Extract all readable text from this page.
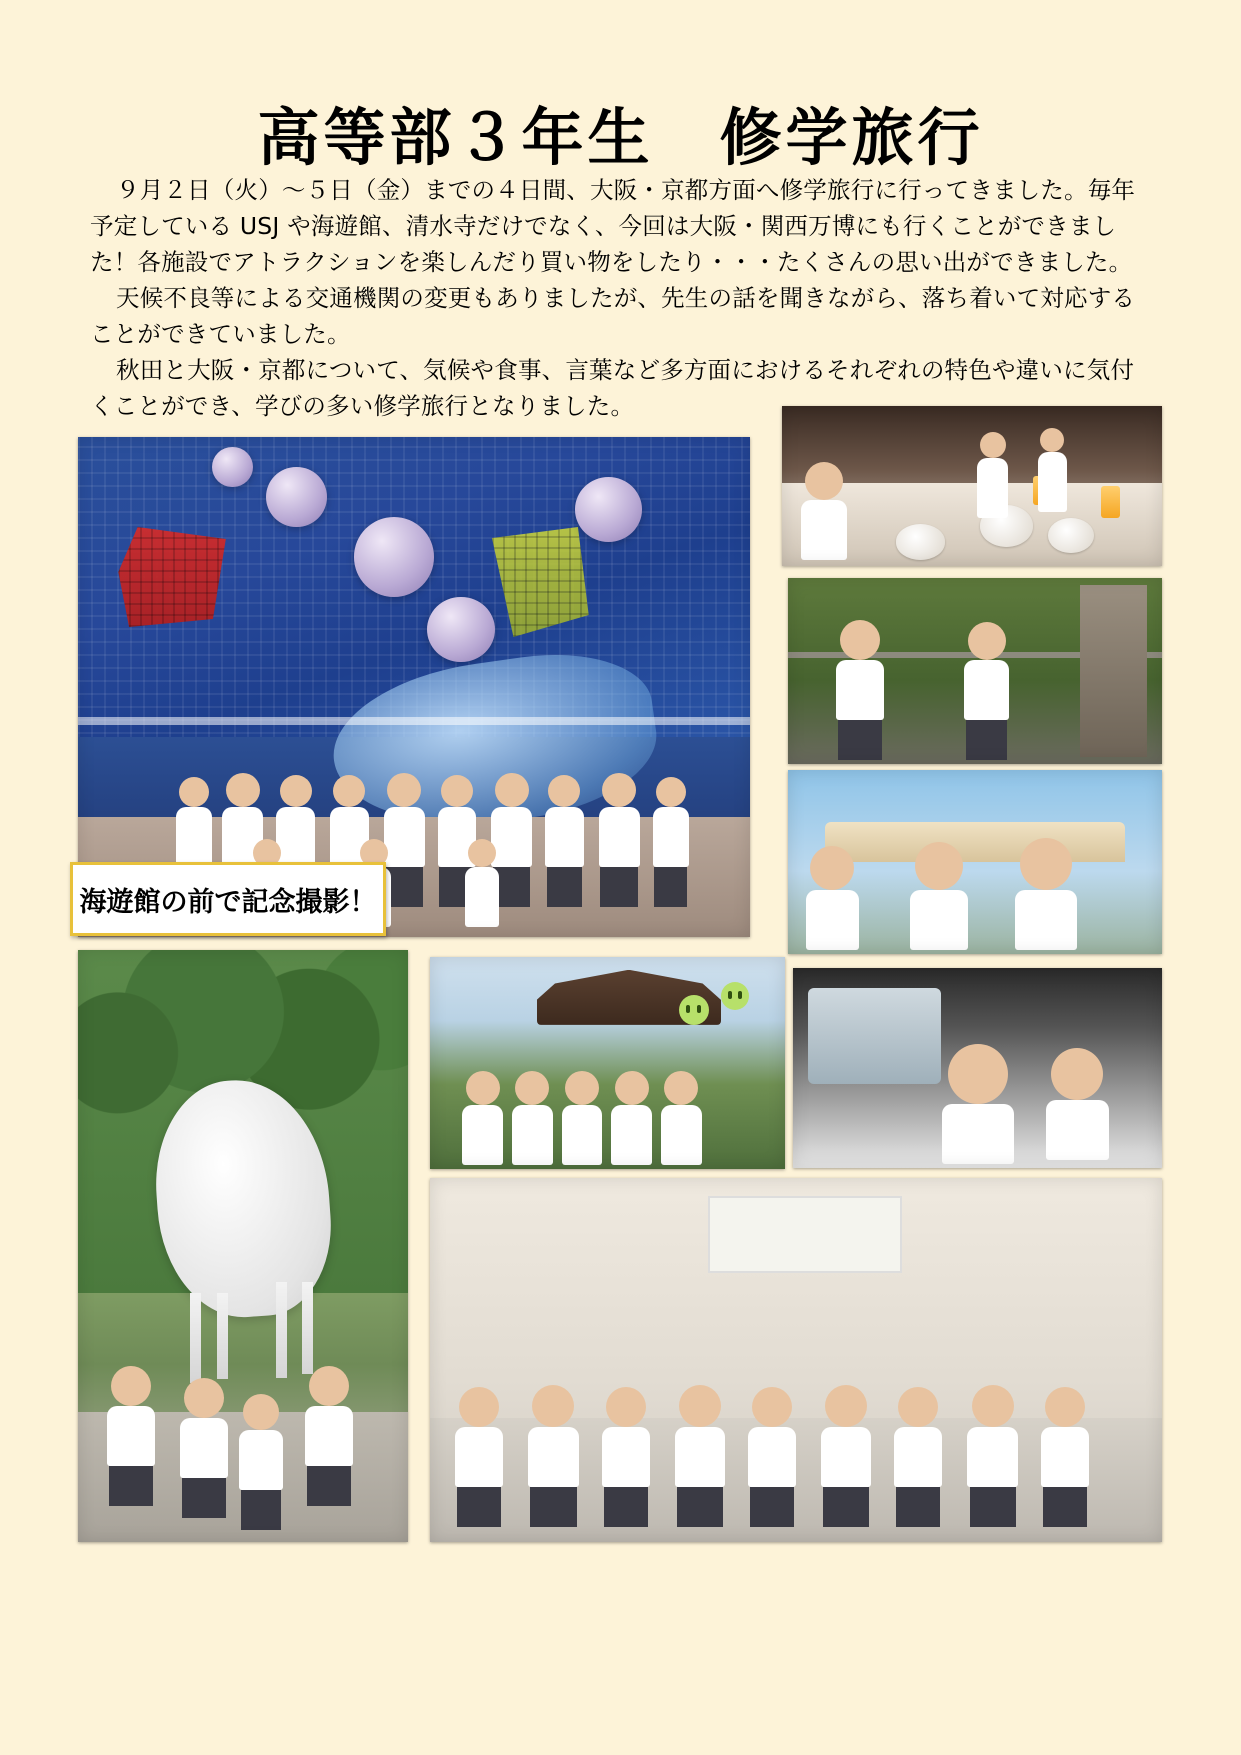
高等部３年生　修学旅行

９月２日（火）〜５日（金）までの４日間、大阪・京都方面へ修学旅行に行ってきました。毎年予定している USJ や海遊館、清水寺だけでなく、今回は大阪・関西万博にも行くことができました！各施設でアトラクションを楽しんだり買い物をしたり・・・たくさんの思い出ができました。

天候不良等による交通機関の変更もありましたが、先生の話を聞きながら、落ち着いて対応することができていました。

秋田と大阪・京都について、気候や食事、言葉など多方面におけるそれぞれの特色や違いに気付くことができ、学びの多い修学旅行となりました。

海遊館の前で記念撮影！
